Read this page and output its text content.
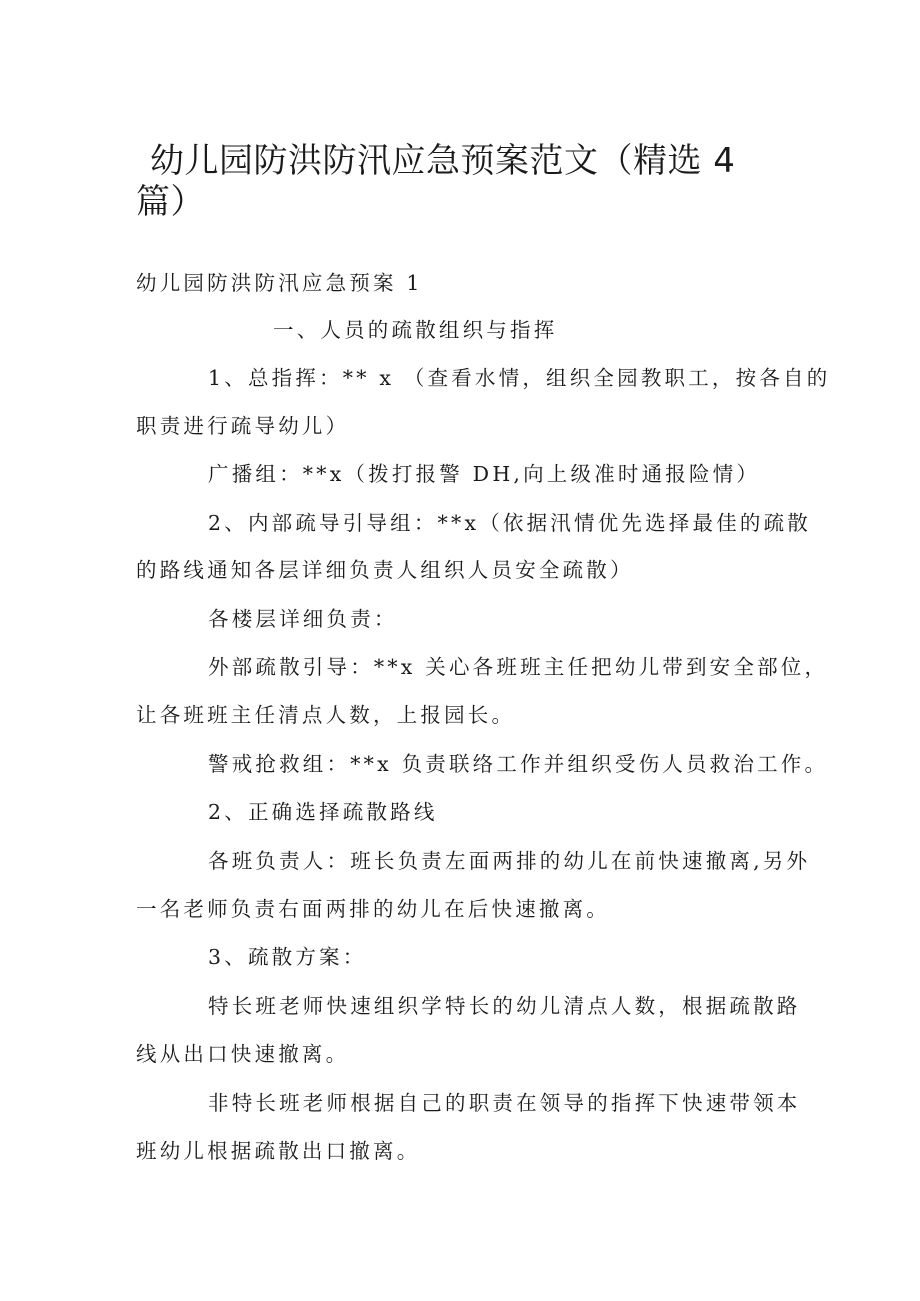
幼儿园防洪防汛应急预案范文（精选 4 篇）

幼儿园防洪防汛应急预案 1

一、人员的疏散组织与指挥

1、总指挥：** x （查看水情，组织全园教职工，按各自的

职责进行疏导幼儿）

广播组：**x（拨打报警 DH,向上级准时通报险情）

2、内部疏导引导组：**x（依据汛情优先选择最佳的疏散

的路线通知各层详细负责人组织人员安全疏散）

各楼层详细负责：

外部疏散引导：**x 关心各班班主任把幼儿带到安全部位，

让各班班主任清点人数，上报园长。

警戒抢救组：**x 负责联络工作并组织受伤人员救治工作。

2、正确选择疏散路线

各班负责人：班长负责左面两排的幼儿在前快速撤离,另外

一名老师负责右面两排的幼儿在后快速撤离。

3、疏散方案：

特长班老师快速组织学特长的幼儿清点人数，根据疏散路

线从出口快速撤离。

非特长班老师根据自己的职责在领导的指挥下快速带领本

班幼儿根据疏散出口撤离。
